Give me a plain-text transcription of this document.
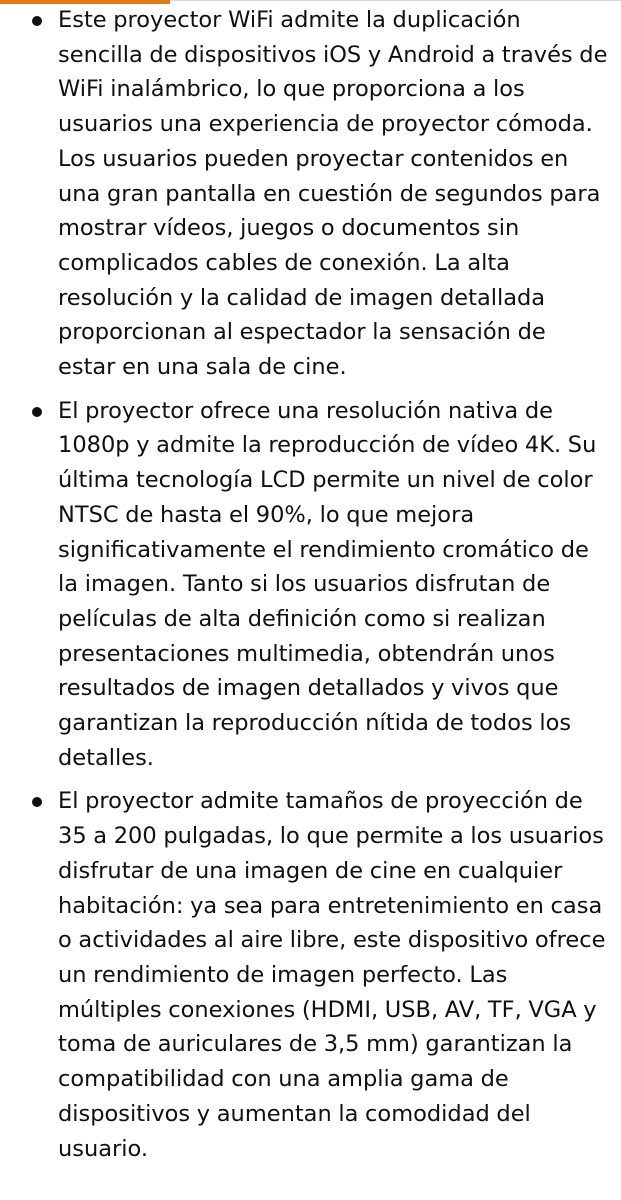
Este proyector WiFi admite la duplicación sencilla de dispositivos iOS y Android a través de WiFi inalámbrico, lo que proporciona a los usuarios una experiencia de proyector cómoda. Los usuarios pueden proyectar contenidos en una gran pantalla en cuestión de segundos para mostrar vídeos, juegos o documentos sin complicados cables de conexión. La alta resolución y la calidad de imagen detallada proporcionan al espectador la sensación de estar en una sala de cine.
El proyector ofrece una resolución nativa de 1080p y admite la reproducción de vídeo 4K. Su última tecnología LCD permite un nivel de color NTSC de hasta el 90%, lo que mejora significativamente el rendimiento cromático de la imagen. Tanto si los usuarios disfrutan de películas de alta definición como si realizan presentaciones multimedia, obtendrán unos resultados de imagen detallados y vivos que garantizan la reproducción nítida de todos los detalles.
El proyector admite tamaños de proyección de 35 a 200 pulgadas, lo que permite a los usuarios disfrutar de una imagen de cine en cualquier habitación: ya sea para entretenimiento en casa o actividades al aire libre, este dispositivo ofrece un rendimiento de imagen perfecto. Las múltiples conexiones (HDMI, USB, AV, TF, VGA y toma de auriculares de 3,5 mm) garantizan la compatibilidad con una amplia gama de dispositivos y aumentan la comodidad del usuario.
